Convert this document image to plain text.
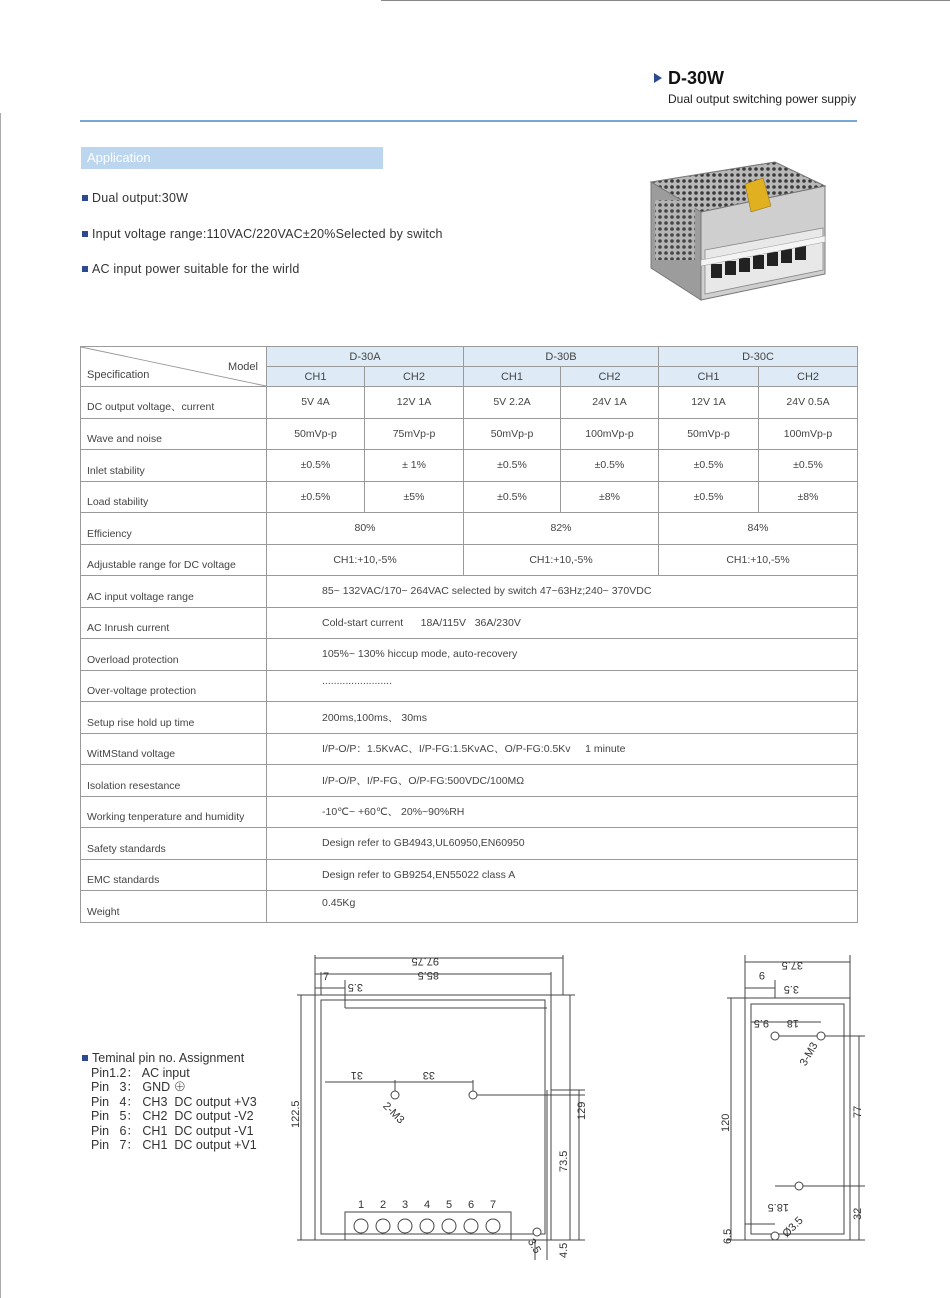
D-30W
Dual output switching power suppiy
Application
Dual output:30W
Input voltage range:110VAC/220VAC±20%Selected by switch
AC input power suitable for the wirld
Model
Specification	D-30A		D-30B		D-30C	
	CH1	CH2	CH1	CH2	CH1	CH2
DC output voltage、current	5V 4A	12V 1A	5V 2.2A	24V 1A	12V 1A	24V 0.5A
Wave and noise	50mVp-p	75mVp-p	50mVp-p	100mVp-p	50mVp-p	100mVp-p
Inlet stability	±0.5%	± 1%	±0.5%	±0.5%	±0.5%	±0.5%
Load stability	±0.5%	±5%	±0.5%	±8%	±0.5%	±8%
Efficiency	80%		82%		84%	
Adjustable range for DC voltage	CH1:+10,-5%		CH1:+10,-5%		CH1:+10,-5%	
AC input voltage range	85~ 132VAC/170~ 264VAC selected by switch 47~63Hz;240~ 370VDC					
AC Inrush current	Cold-start current      18A/115V   36A/230V					
Overload protection	105%~ 130% hiccup mode, auto-recovery					
Over-voltage protection	........................					
Setup rise hold up time	200ms,100ms、 30ms					
WitMStand voltage	I/P-O/P：1.5KvAC、I/P-FG:1.5KvAC、O/P-FG:0.5Kv     1 minute					
Isolation resestance	I/P-O/P、I/P-FG、O/P-FG:500VDC/100MΩ					
Working tenperature and humidity	-10℃~ +60℃、 20%~90%RH					
Safety standards	Design refer to GB4943,UL60950,EN60950					
EMC standards	Design refer to GB9254,EN55022 class A					
Weight	0.45Kg					
Teminal pin no. Assignment
Pin1.2： AC input
Pin   3： GND ⊕
Pin   4： CH3  DC output +V3
Pin   5： CH2  DC output -V2
Pin   6： CH1  DC output -V1
Pin   7： CH1  DC output +V1
97.75
85.5
7
3.5
31	33
2-M3
122.5	129
73.5
4.5
3.5
1 2 3 4 5 6 7
37.5
9
3.5
9.5 18
3-M3
120
77
18.5
Ø3.5
6.5
32
